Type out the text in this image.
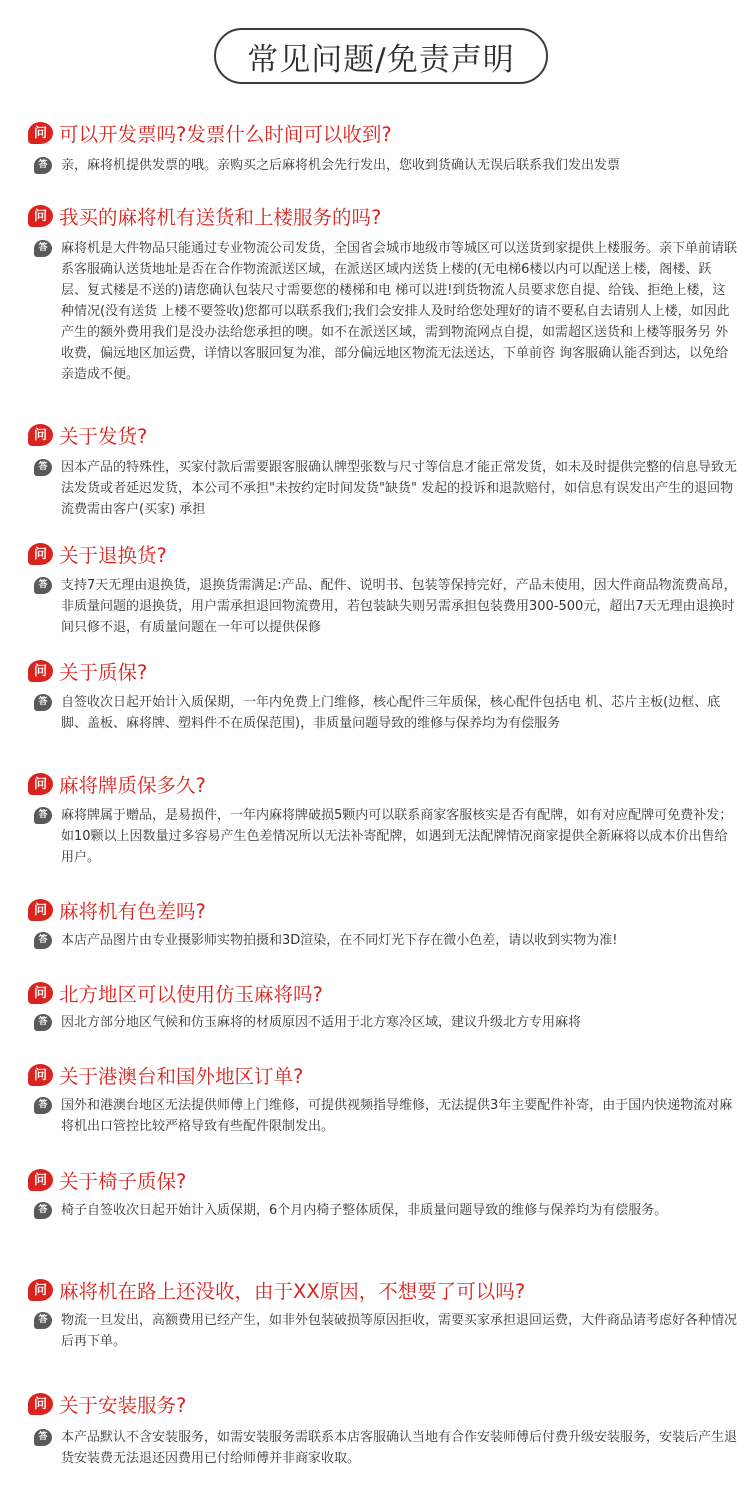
常见问题/免责声明
问 可以开发票吗?发票什么时间可以收到?
答	亲，麻将机提供发票的哦。亲购买之后麻将机会先行发出，您收到货确认无误后联系我们发出发票
问 我买的麻将机有送货和上楼服务的吗?
答	麻将机是大件物品只能通过专业物流公司发货，全国省会城市地级市等城区可以送货到家提供上楼服务。亲下单前请联系客服确认送货地址是否在合作物流派送区域，在派送区域内送货上楼的(无电梯6楼以内可以配送上楼，阁楼、跃层、复式楼是不送的)请您确认包装尺寸需要您的楼梯和电 梯可以进!到货物流人员要求您自提、给钱、拒绝上楼，这种情况(没有送货 上楼不要签收)您都可以联系我们;我们会安排人及时给您处理好的请不要私自去请别人上楼，如因此产生的额外费用我们是没办法给您承担的噢。如不在派送区域，需到物流网点自提，如需超区送货和上楼等服务另 外收费，偏远地区加运费，详情以客服回复为准，部分偏远地区物流无法送达，下单前咨 询客服确认能否到达，以免给亲造成不便。
问 关于发货?
答	因本产品的特殊性，买家付款后需要跟客服确认牌型张数与尺寸等信息才能正常发货，如未及时提供完整的信息导致无法发货或者延迟发货，本公司不承担"未按约定时间发货"缺货" 发起的投诉和退款赔付，如信息有误发出产生的退回物流费需由客户(买家) 承担
问 关于退换货?
答	支持7天无理由退换货，退换货需满足:产品、配件、说明书、包装等保持完好，产品未使用，因大件商品物流费高昂，非质量问题的退换货，用户需承担退回物流费用，若包装缺失则另需承担包装费用300-500元，超出7天无理由退换时间只修不退，有质量问题在一年可以提供保修
问 关于质保?
答	自签收次日起开始计入质保期，一年内免费上门维修，核心配件三年质保，核心配件包括电 机、芯片主板(边框、底脚、盖板、麻将牌、塑料件不在质保范围)，非质量问题导致的维修与保养均为有偿服务
问 麻将牌质保多久?
答	麻将牌属于赠品，是易损件，一年内麻将牌破损5颗内可以联系商家客服核实是否有配牌，如有对应配牌可免费补发；如10颗以上因数量过多容易产生色差情况所以无法补寄配牌，如遇到无法配牌情况商家提供全新麻将以成本价出售给用户。
问 麻将机有色差吗?
答	本店产品图片由专业摄影师实物拍摄和3D渲染，在不同灯光下存在微小色差，请以收到实物为准!
问 北方地区可以使用仿玉麻将吗?
答	因北方部分地区气候和仿玉麻将的材质原因不适用于北方寒冷区域，建议升级北方专用麻将
问 关于港澳台和国外地区订单?
答	国外和港澳台地区无法提供师傅上门维修，可提供视频指导维修，无法提供3年主要配件补寄，由于国内快递物流对麻将机出口管控比较严格导致有些配件限制发出。
问 关于椅子质保?
答	椅子自签收次日起开始计入质保期，6个月内椅子整体质保，非质量问题导致的维修与保养均为有偿服务。
问 麻将机在路上还没收，由于XX原因，不想要了可以吗?
答	物流一旦发出，高额费用已经产生，如非外包装破损等原因拒收，需要买家承担退回运费，大件商品请考虑好各种情况后再下单。
问 关于安装服务?
答	本产品默认不含安装服务，如需安装服务需联系本店客服确认当地有合作安装师傅后付费升级安装服务，安装后产生退货安装费无法退还因费用已付给师傅并非商家收取。
